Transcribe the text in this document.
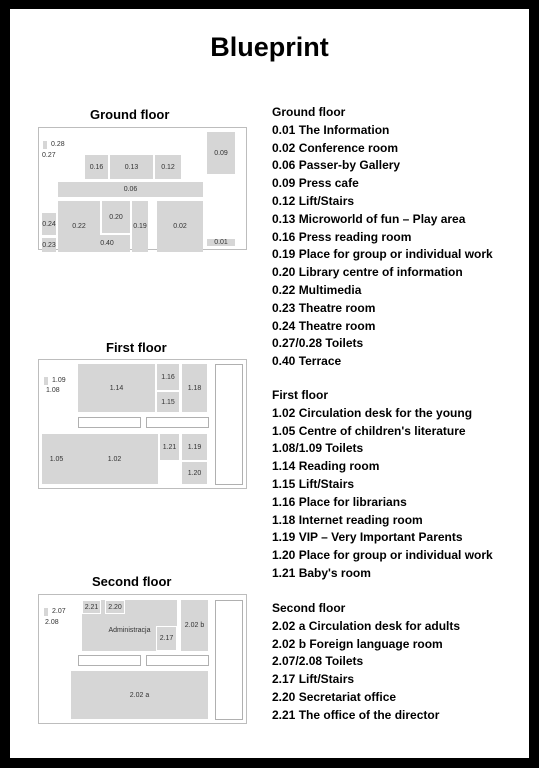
Blueprint
Ground floor
0.28
0.27
0.16	0.13	0.12
0.09
0.06
0.24	0.22
0.20
0.19	0.02
0.23	0.40	0.01
First floor
1.09
1.08	1.14
1.16
1.15
1.18
1.05	1.02
1.21	1.19
1.20
Second floor
2.07
2.08
2.21	2.20
Administracja
2.02 b
2.17
2.02 a
Ground floor
0.01 The Information
0.02 Conference room
0.06 Passer-by Gallery
0.09 Press cafe
0.12 Lift/Stairs
0.13 Microworld of fun – Play area
0.16 Press reading room
0.19 Place for group or individual work
0.20 Library centre of information
0.22 Multimedia
0.23 Theatre room
0.24 Theatre room
0.27/0.28 Toilets
0.40 Terrace
First floor
1.02 Circulation desk for the young
1.05 Centre of children's literature
1.08/1.09 Toilets
1.14 Reading room
1.15 Lift/Stairs
1.16 Place for librarians
1.18 Internet reading room
1.19 VIP – Very Important Parents
1.20 Place for group or individual work
1.21 Baby's room
Second floor
2.02 a Circulation desk for adults
2.02 b Foreign language room
2.07/2.08 Toilets
2.17 Lift/Stairs
2.20 Secretariat office
2.21 The office of the director
